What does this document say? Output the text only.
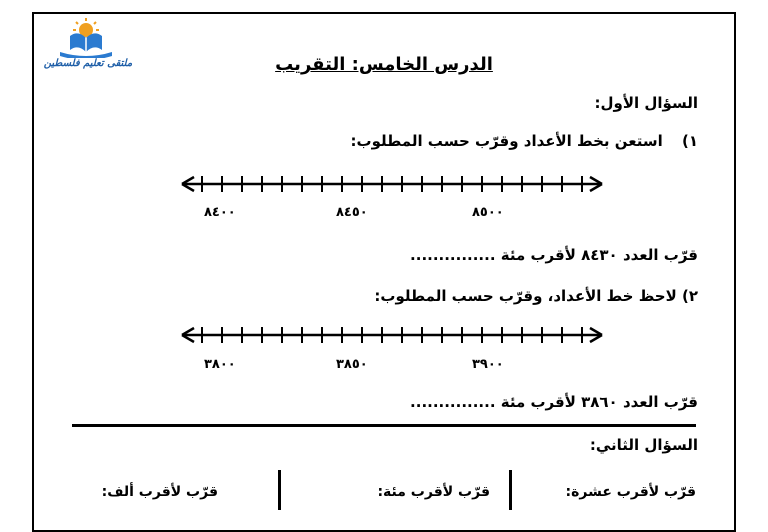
ملتقى تعليم فلسطين	الدرس الخامس: التقريب
السؤال الأول:
١) استعن بخط الأعداد وقرّب حسب المطلوب:
٨٤٠٠	٨٤٥٠	٨٥٠٠
قرّب العدد ٨٤٣٠ لأقرب مئة ...............
٢) لاحظ خط الأعداد، وقرّب حسب المطلوب:
٣٨٠٠	٣٨٥٠	٣٩٠٠
قرّب العدد ٣٨٦٠ لأقرب مئة ...............
السؤال الثاني:
قرّب لأقرب عشرة:
قرّب لأقرب مئة:
قرّب لأقرب ألف:
